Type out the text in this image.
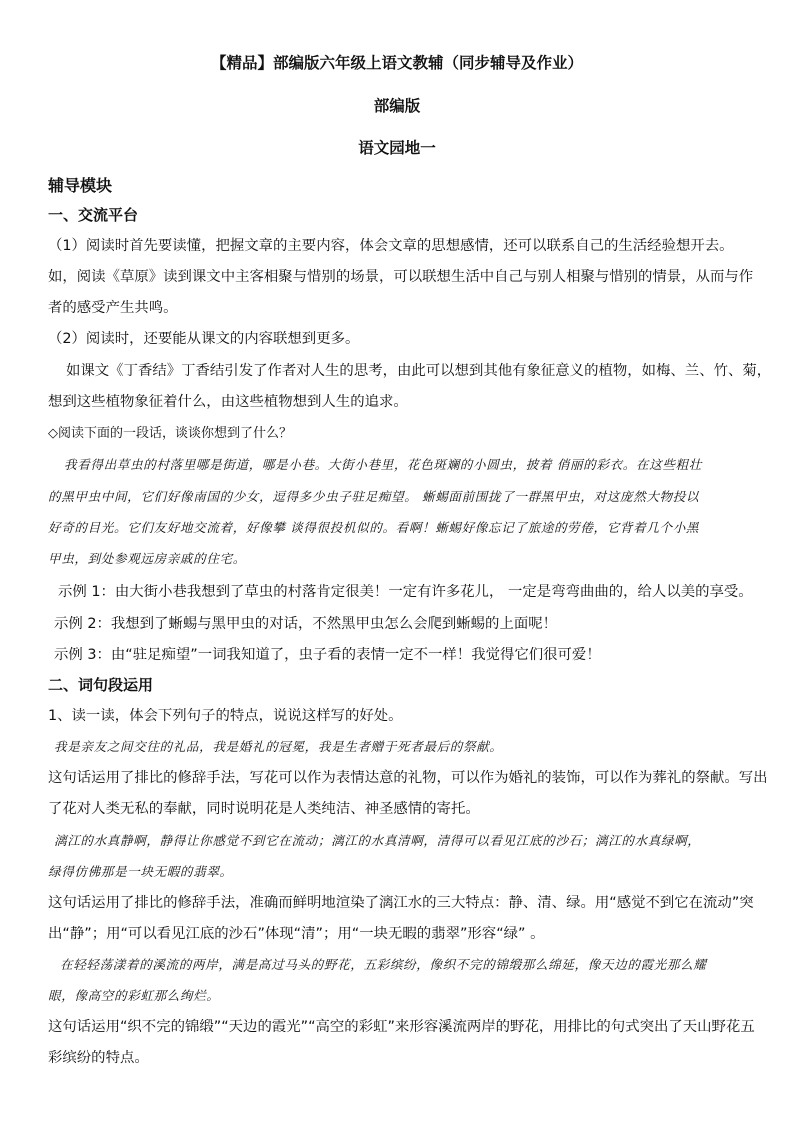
【精品】部编版六年级上语文教辅（同步辅导及作业）
部编版
语文园地一
辅导模块
一、交流平台
（1）阅读时首先要读懂，把握文章的主要内容，体会文章的思想感情，还可以联系自己的生活经验想开去。
如，阅读《草原》读到课文中主客相聚与惜别的场景，可以联想生活中自己与别人相聚与惜别的情景，从而与作
者的感受产生共鸣。
（2）阅读时，还要能从课文的内容联想到更多。
如课文《丁香结》丁香结引发了作者对人生的思考，由此可以想到其他有象征意义的植物，如梅、兰、竹、菊，
想到这些植物象征着什么，由这些植物想到人生的追求。
◇阅读下面的一段话，谈谈你想到了什么？
我看得出草虫的村落里哪是街道，哪是小巷。大街小巷里，花色斑斓的小圆虫，披着 俏丽的彩衣。在这些粗壮
的黑甲虫中间，它们好像南国的少女，逗得多少虫子驻足痴望。 蜥蜴面前围拢了一群黑甲虫，对这庞然大物投以
好奇的目光。它们友好地交流着，好像攀 谈得很投机似的。看啊！蜥蜴好像忘记了旅途的劳倦，它背着几个小黑
甲虫，到处参观远房亲戚的住宅。
示例 1：由大街小巷我想到了草虫的村落肯定很美！一定有许多花儿， 一定是弯弯曲曲的，给人以美的享受。
示例 2：我想到了蜥蜴与黑甲虫的对话，不然黑甲虫怎么会爬到蜥蜴的上面呢！
示例 3：由“驻足痴望”一词我知道了，虫子看的表情一定不一样！我觉得它们很可爱！
二、词句段运用
1、读一读，体会下列句子的特点，说说这样写的好处。
我是亲友之间交往的礼品，我是婚礼的冠冕，我是生者赠于死者最后的祭献。
这句话运用了排比的修辞手法，写花可以作为表情达意的礼物，可以作为婚礼的装饰，可以作为葬礼的祭献。写出
了花对人类无私的奉献，同时说明花是人类纯洁、神圣感情的寄托。
漓江的水真静啊，静得让你感觉不到它在流动；漓江的水真清啊，清得可以看见江底的沙石；漓江的水真绿啊，
绿得仿佛那是一块无暇的翡翠。
这句话运用了排比的修辞手法，准确而鲜明地渲染了漓江水的三大特点：静、清、绿。用“感觉不到它在流动”突
出“静”；用“可以看见江底的沙石”体现“清”；用“一块无暇的翡翠”形容“绿” 。
在轻轻荡漾着的溪流的两岸，满是高过马头的野花，五彩缤纷，像织不完的锦缎那么绵延，像天边的霞光那么耀
眼，像高空的彩虹那么绚烂。
这句话运用“织不完的锦缎”“天边的霞光”“高空的彩虹”来形容溪流两岸的野花，用排比的句式突出了天山野花五
彩缤纷的特点。
